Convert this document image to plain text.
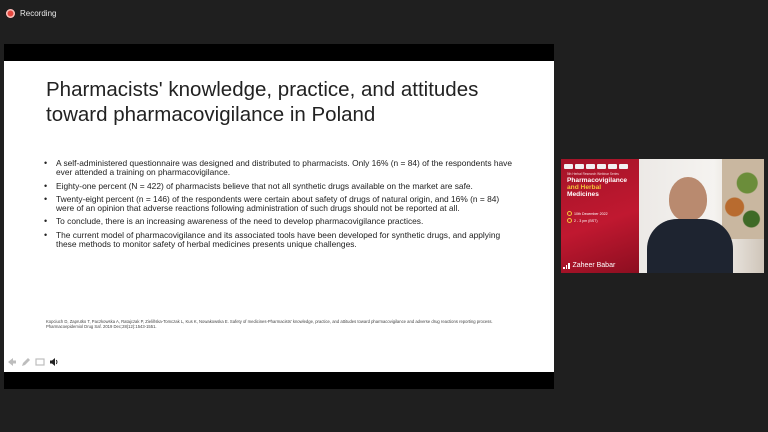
Recording
Pharmacists' knowledge, practice, and attitudes toward pharmacovigilance in Poland
• A self-administered questionnaire was designed and distributed to pharmacists. Only 16% (n = 84) of the respondents have ever attended a training on pharmacovigilance.
• Eighty-one percent (N = 422) of pharmacists believe that not all synthetic drugs available on the market are safe.
• Twenty-eight percent (n = 146) of the respondents were certain about safety of drugs of natural origin, and 16% (n = 84) were of an opinion that adverse reactions following administration of such drugs should not be reported at all.
• To conclude, there is an increasing awareness of the need to develop pharmacovigilance practices.
• The current model of pharmacovigilance and its associated tools have been developed for synthetic drugs, and applying these methods to monitor safety of herbal medicines presents unique challenges.
Kopciuch D, Zaprutko T, Paczkowska A, Ratajczak P, Zieliñska-Tomczak L, Kus K, Nowakowska E. Safety of medicines-Pharmacists' knowledge, practice, and attitudes toward pharmacovigilance and adverse drug reactions reporting process. Pharmacoepidemiol Drug Saf. 2019 Dec;28(12):1543-1551.
5th Herbal Research Webinar Series
Pharmacovigilance
and Herbal
Medicines
10th December 2022
2 - 3 pm (BST)
Zaheer Babar
